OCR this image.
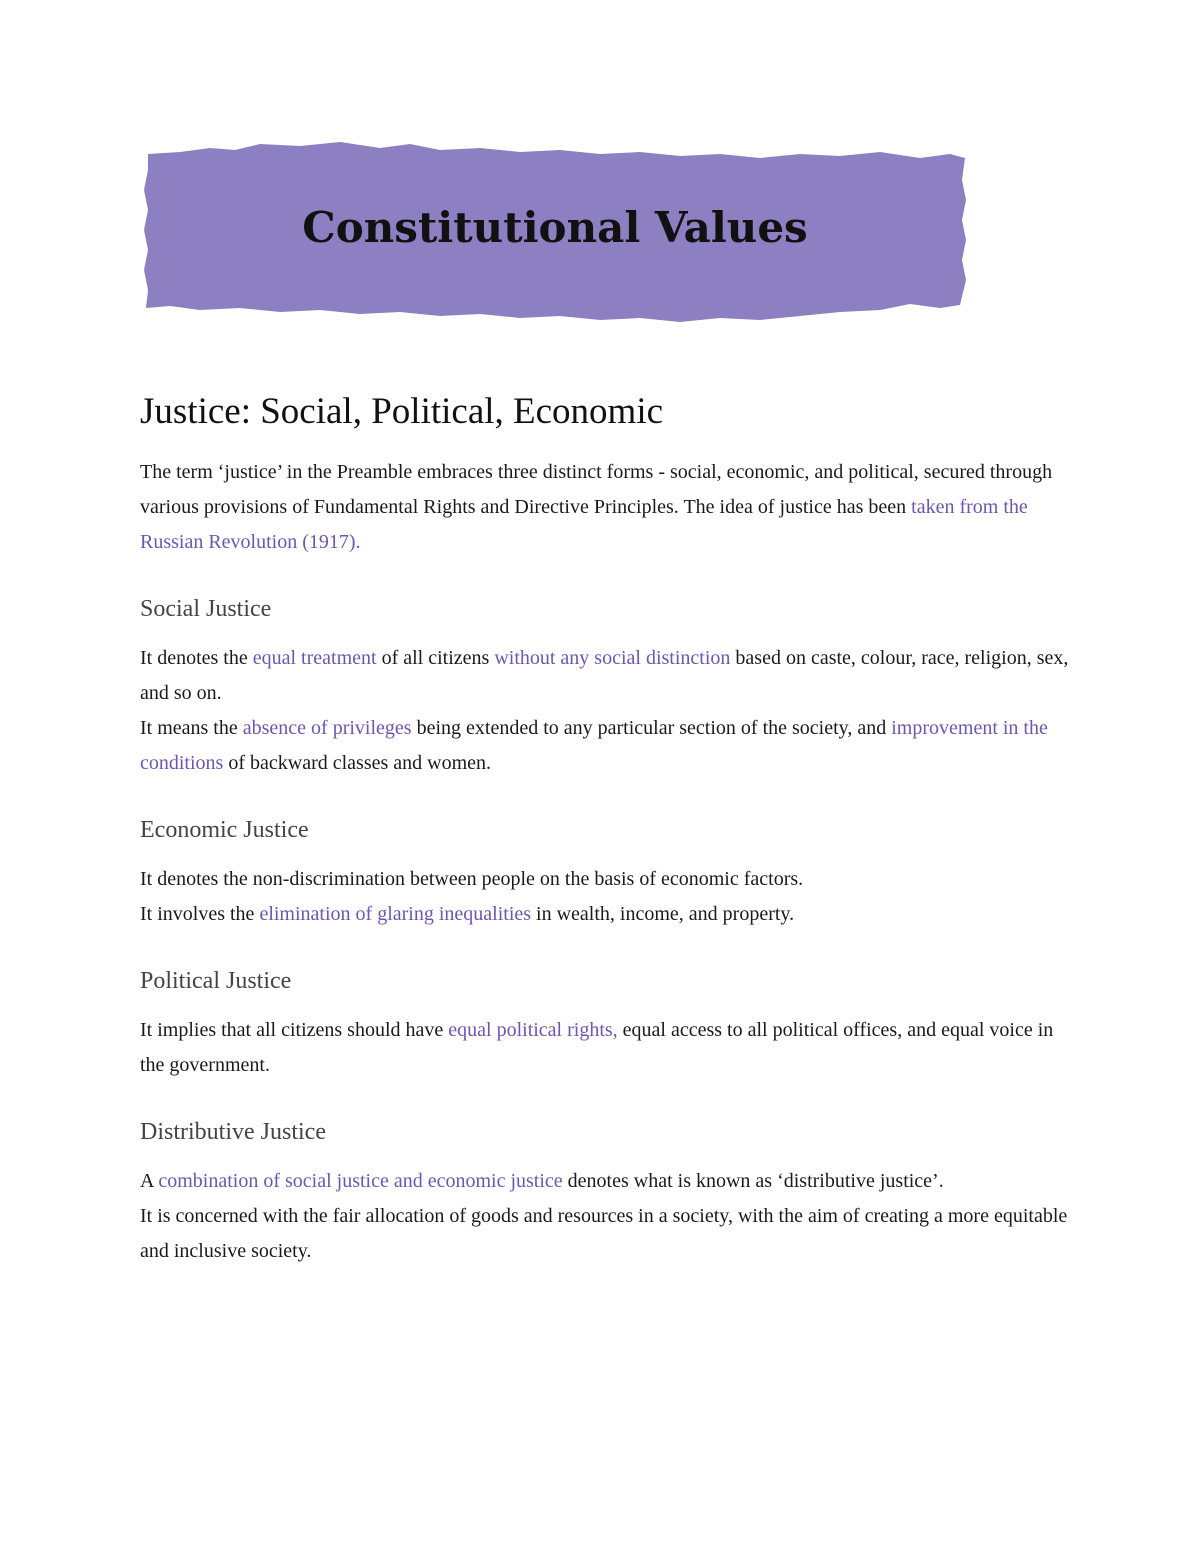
Constitutional Values
Justice: Social, Political, Economic

The term ‘justice’ in the Preamble embraces three distinct forms - social, economic, and political, secured through various provisions of Fundamental Rights and Directive Principles. The idea of justice has been taken from the Russian Revolution (1917).

Social Justice

It denotes the equal treatment of all citizens without any social distinction based on caste, colour, race, religion, sex, and so on.

It means the absence of privileges being extended to any particular section of the society, and improvement in the conditions of backward classes and women.

Economic Justice

It denotes the non-discrimination between people on the basis of economic factors.

It involves the elimination of glaring inequalities in wealth, income, and property.

Political Justice

It implies that all citizens should have equal political rights, equal access to all political offices, and equal voice in the government.

Distributive Justice

A combination of social justice and economic justice denotes what is known as ‘distributive justice’.

It is concerned with the fair allocation of goods and resources in a society, with the aim of creating a more equitable and inclusive society.
